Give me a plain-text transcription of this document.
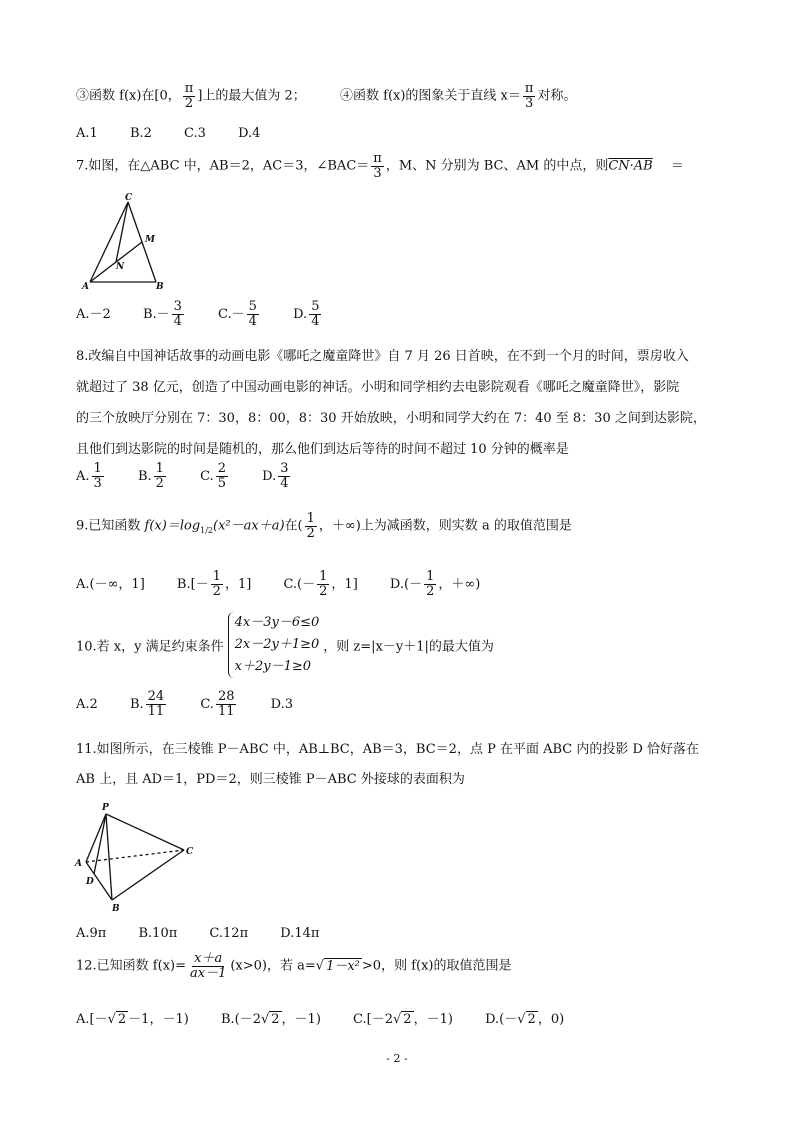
③函数 f(x)在[0， $\frac{\pi}{2}$ ]上的最大值为 2；	④函数 f(x)的图象关于直线 $x= \frac{\pi}{3}$ 对称。
A.1 B.2 C.3 D.4
7.如图，在△ABC 中，AB＝2，AC＝3，∠BAC＝ $\frac{\pi}{3}$ ，M、N 分别为 BC、AM 的中点，则CN·AB ＝
C
M
N
A	B
A.－2 $B.- \frac{3}{4}$	$C.- \frac{5}{4}$	D. $\frac{5}{4}$
8.改编自中国神话故事的动画电影《哪吒之魔童降世》自 7 月 26 日首映，在不到一个月的时间，票房收入
就超过了 38 亿元，创造了中国动画电影的神话。小明和同学相约去电影院观看《哪吒之魔童降世》，影院
的三个放映厅分别在 7：30，8：00，8：30 开始放映，小明和同学大约在 7：40 至 8：30 之间到达影院，
且他们到达影院的时间是随机的，那么他们到达后等待的时间不超过 10 分钟的概率是
A. $\frac{1}{3}$	B. $\frac{1}{2}$	C. $\frac{2}{5}$	D. $\frac{3}{4}$
9.已知函数 $f(x)=\log_{1/2}(x^2-ax+a)$在( $\frac{1}{2}$ ，＋∞)上为减函数，则实数 a 的取值范围是
A.(－∞，1] $B.[- \frac{1}{2}$ ，1] $C.(- \frac{1}{2}$ ，1] $D.(- \frac{1}{2}$ ，＋∞)
10.若 x，y 满足约束条件
4x－3y－6≤0
2x－2y＋1≥0
x＋2y－1≥0
，则 z=|x－y＋1|的最大值为
A.2 B. $\frac{24}{11}$	C. $\frac{28}{11}$	D.3
11.如图所示，在三棱锥 P－ABC 中，AB⊥BC，AB＝3，BC＝2，点 P 在平面 ABC 内的投影 D 恰好落在
AB 上，且 AD＝1，PD＝2，则三棱锥 P－ABC 外接球的表面积为
P
A
D
B
C
A.9π B.10π C.12π D.14π
12.已知函数 $f(x)= \frac{x+a}{ax-1} (x>0)$，若 a=√ 1－x² >0，则 f(x)的取值范围是
A.[－√ 2 －1，－1) B.(－2√ 2 ，－1) C.[－2√ 2 ，－1) D.(－√ 2 ，0)
- 2 -
